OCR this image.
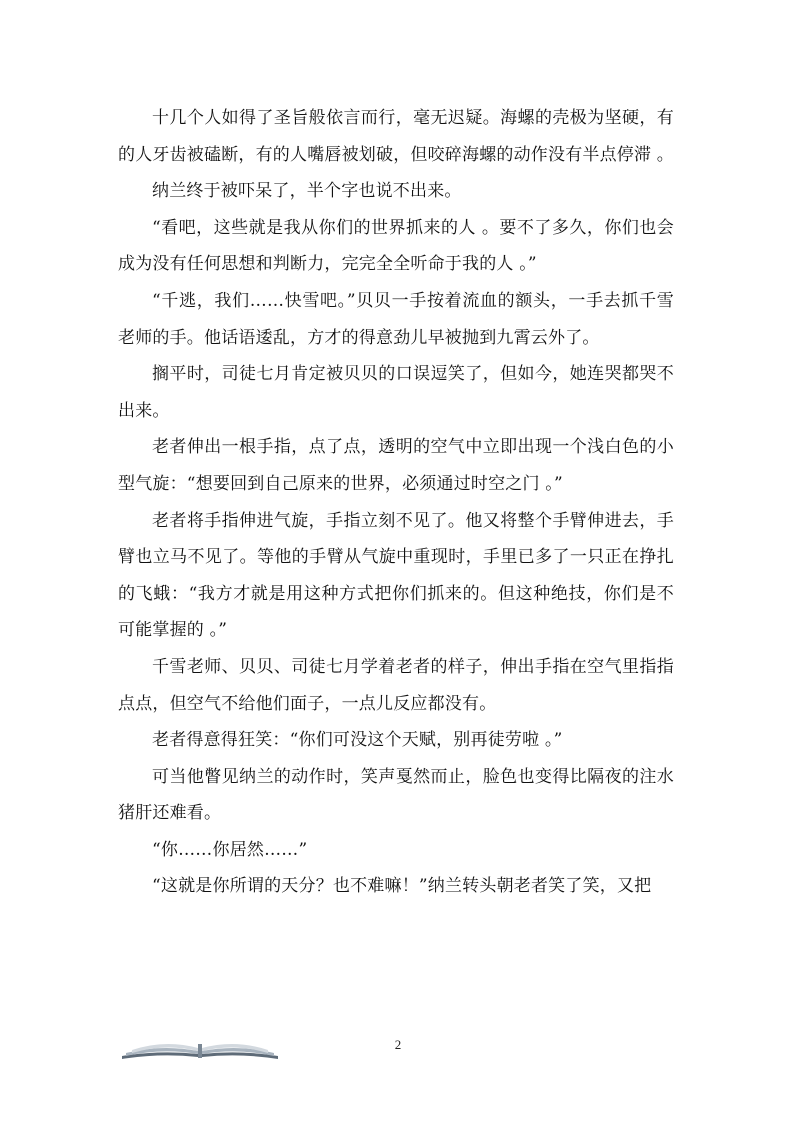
十几个人如得了圣旨般依言而行，毫无迟疑。海螺的壳极为坚硬，有的人牙齿被磕断，有的人嘴唇被划破，但咬碎海螺的动作没有半点停滞 。

纳兰终于被吓呆了，半个字也说不出来。

“看吧，这些就是我从你们的世界抓来的人 。要不了多久，你们也会成为没有任何思想和判断力，完完全全听命于我的人 。”

“千逃，我们……快雪吧。”贝贝一手按着流血的额头，一手去抓千雪老师的手。他话语逶乱，方才的得意劲儿早被抛到九霄云外了。

搁平时，司徒七月肯定被贝贝的口误逗笑了，但如今，她连哭都哭不出来。

老者伸出一根手指，点了点，透明的空气中立即出现一个浅白色的小型气旋：“想要回到自己原来的世界，必须通过时空之门 。”

老者将手指伸进气旋，手指立刻不见了。他又将整个手臂伸进去，手臂也立马不见了。等他的手臂从气旋中重现时，手里已多了一只正在挣扎的飞蛾：“我方才就是用这种方式把你们抓来的。但这种绝技，你们是不可能掌握的 。”

千雪老师、贝贝、司徒七月学着老者的样子，伸出手指在空气里指指点点，但空气不给他们面子，一点儿反应都没有。

老者得意得狂笑：“你们可没这个天赋，别再徒劳啦 。”

可当他瞥见纳兰的动作时，笑声戛然而止，脸色也变得比隔夜的注水猪肝还难看。

“你……你居然……”

“这就是你所谓的天分？也不难嘛！”纳兰转头朝老者笑了笑，又把

2
